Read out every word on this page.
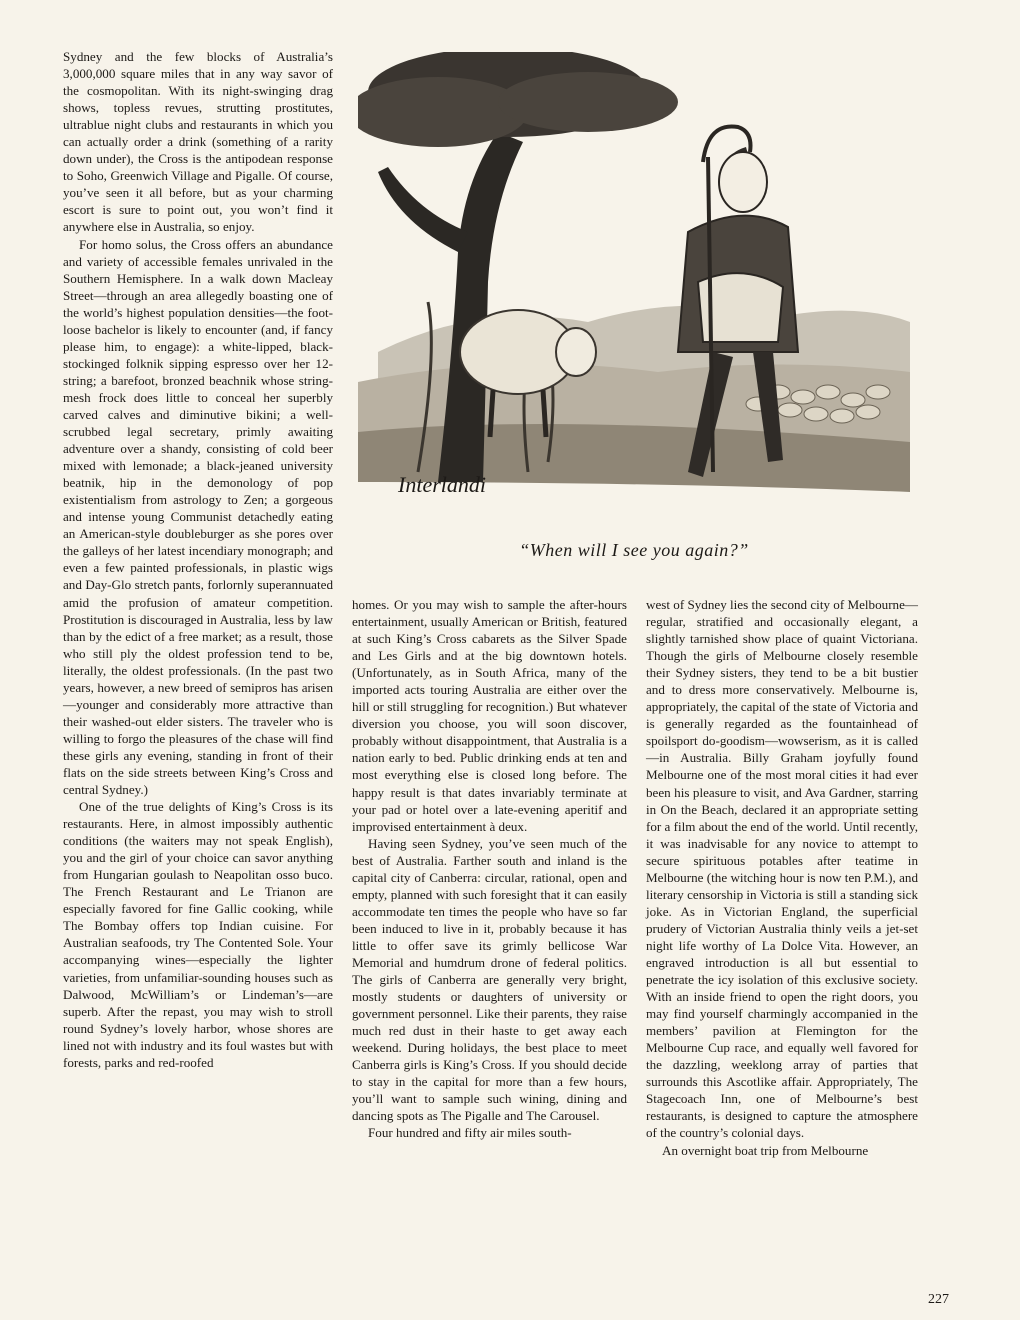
Sydney and the few blocks of Australia’s 3,000,000 square miles that in any way savor of the cosmopolitan. With its night-swinging drag shows, topless revues, strutting prostitutes, ultrablue night clubs and restaurants in which you can actually order a drink (something of a rarity down under), the Cross is the antipodean response to Soho, Greenwich Village and Pigalle. Of course, you’ve seen it all before, but as your charming escort is sure to point out, you won’t find it anywhere else in Australia, so enjoy.

For homo solus, the Cross offers an abundance and variety of accessible females unrivaled in the Southern Hemisphere. In a walk down Macleay Street—through an area allegedly boasting one of the world’s highest population densities—the foot-loose bachelor is likely to encounter (and, if fancy please him, to engage): a white-lipped, black-stockinged folknik sipping espresso over her 12-string; a barefoot, bronzed beachnik whose string-mesh frock does little to conceal her superbly carved calves and diminutive bikini; a well-scrubbed legal secretary, primly awaiting adventure over a shandy, consisting of cold beer mixed with lemonade; a black-jeaned university beatnik, hip in the demonology of pop existentialism from astrology to Zen; a gorgeous and intense young Communist detachedly eating an American-style doubleburger as she pores over the galleys of her latest incendiary monograph; and even a few painted professionals, in plastic wigs and Day-Glo stretch pants, forlornly superannuated amid the profusion of amateur competition. Prostitution is discouraged in Australia, less by law than by the edict of a free market; as a result, those who still ply the oldest profession tend to be, literally, the oldest professionals. (In the past two years, however, a new breed of semipros has arisen—younger and considerably more attractive than their washed-out elder sisters. The traveler who is willing to forgo the pleasures of the chase will find these girls any evening, standing in front of their flats on the side streets between King’s Cross and central Sydney.)

One of the true delights of King’s Cross is its restaurants. Here, in almost impossibly authentic conditions (the waiters may not speak English), you and the girl of your choice can savor anything from Hungarian goulash to Neapolitan osso buco. The French Restaurant and Le Trianon are especially favored for fine Gallic cooking, while The Bombay offers top Indian cuisine. For Australian seafoods, try The Contented Sole. Your accompanying wines—especially the lighter varieties, from unfamiliar-sounding houses such as Dalwood, McWilliam’s or Lindeman’s—are superb. After the repast, you may wish to stroll round Sydney’s lovely harbor, whose shores are lined not with industry and its foul wastes but with forests, parks and red-roofed

Interlandi
“When will I see you again?”

homes. Or you may wish to sample the after-hours entertainment, usually American or British, featured at such King’s Cross cabarets as the Silver Spade and Les Girls and at the big downtown hotels. (Unfortunately, as in South Africa, many of the imported acts touring Australia are either over the hill or still struggling for recognition.) But whatever diversion you choose, you will soon discover, probably without disappointment, that Australia is a nation early to bed. Public drinking ends at ten and most everything else is closed long before. The happy result is that dates invariably terminate at your pad or hotel over a late-evening aperitif and improvised entertainment à deux.

Having seen Sydney, you’ve seen much of the best of Australia. Farther south and inland is the capital city of Canberra: circular, rational, open and empty, planned with such foresight that it can easily accommodate ten times the people who have so far been induced to live in it, probably because it has little to offer save its grimly bellicose War Memorial and humdrum drone of federal politics. The girls of Canberra are generally very bright, mostly students or daughters of university or government personnel. Like their parents, they raise much red dust in their haste to get away each weekend. During holidays, the best place to meet Canberra girls is King’s Cross. If you should decide to stay in the capital for more than a few hours, you’ll want to sample such wining, dining and dancing spots as The Pigalle and The Carousel.

Four hundred and fifty air miles south-

west of Sydney lies the second city of Melbourne—regular, stratified and occasionally elegant, a slightly tarnished show place of quaint Victoriana. Though the girls of Melbourne closely resemble their Sydney sisters, they tend to be a bit bustier and to dress more conservatively. Melbourne is, appropriately, the capital of the state of Victoria and is generally regarded as the fountainhead of spoilsport do-goodism—wowserism, as it is called—in Australia. Billy Graham joyfully found Melbourne one of the most moral cities it had ever been his pleasure to visit, and Ava Gardner, starring in On the Beach, declared it an appropriate setting for a film about the end of the world. Until recently, it was inadvisable for any novice to attempt to secure spirituous potables after teatime in Melbourne (the witching hour is now ten P.M.), and literary censorship in Victoria is still a standing sick joke. As in Victorian England, the superficial prudery of Victorian Australia thinly veils a jet-set night life worthy of La Dolce Vita. However, an engraved introduction is all but essential to penetrate the icy isolation of this exclusive society. With an inside friend to open the right doors, you may find yourself charmingly accompanied in the members’ pavilion at Flemington for the Melbourne Cup race, and equally well favored for the dazzling, weeklong array of parties that surrounds this Ascotlike affair. Appropriately, The Stagecoach Inn, one of Melbourne’s best restaurants, is designed to capture the atmosphere of the country’s colonial days.

An overnight boat trip from Melbourne

227
